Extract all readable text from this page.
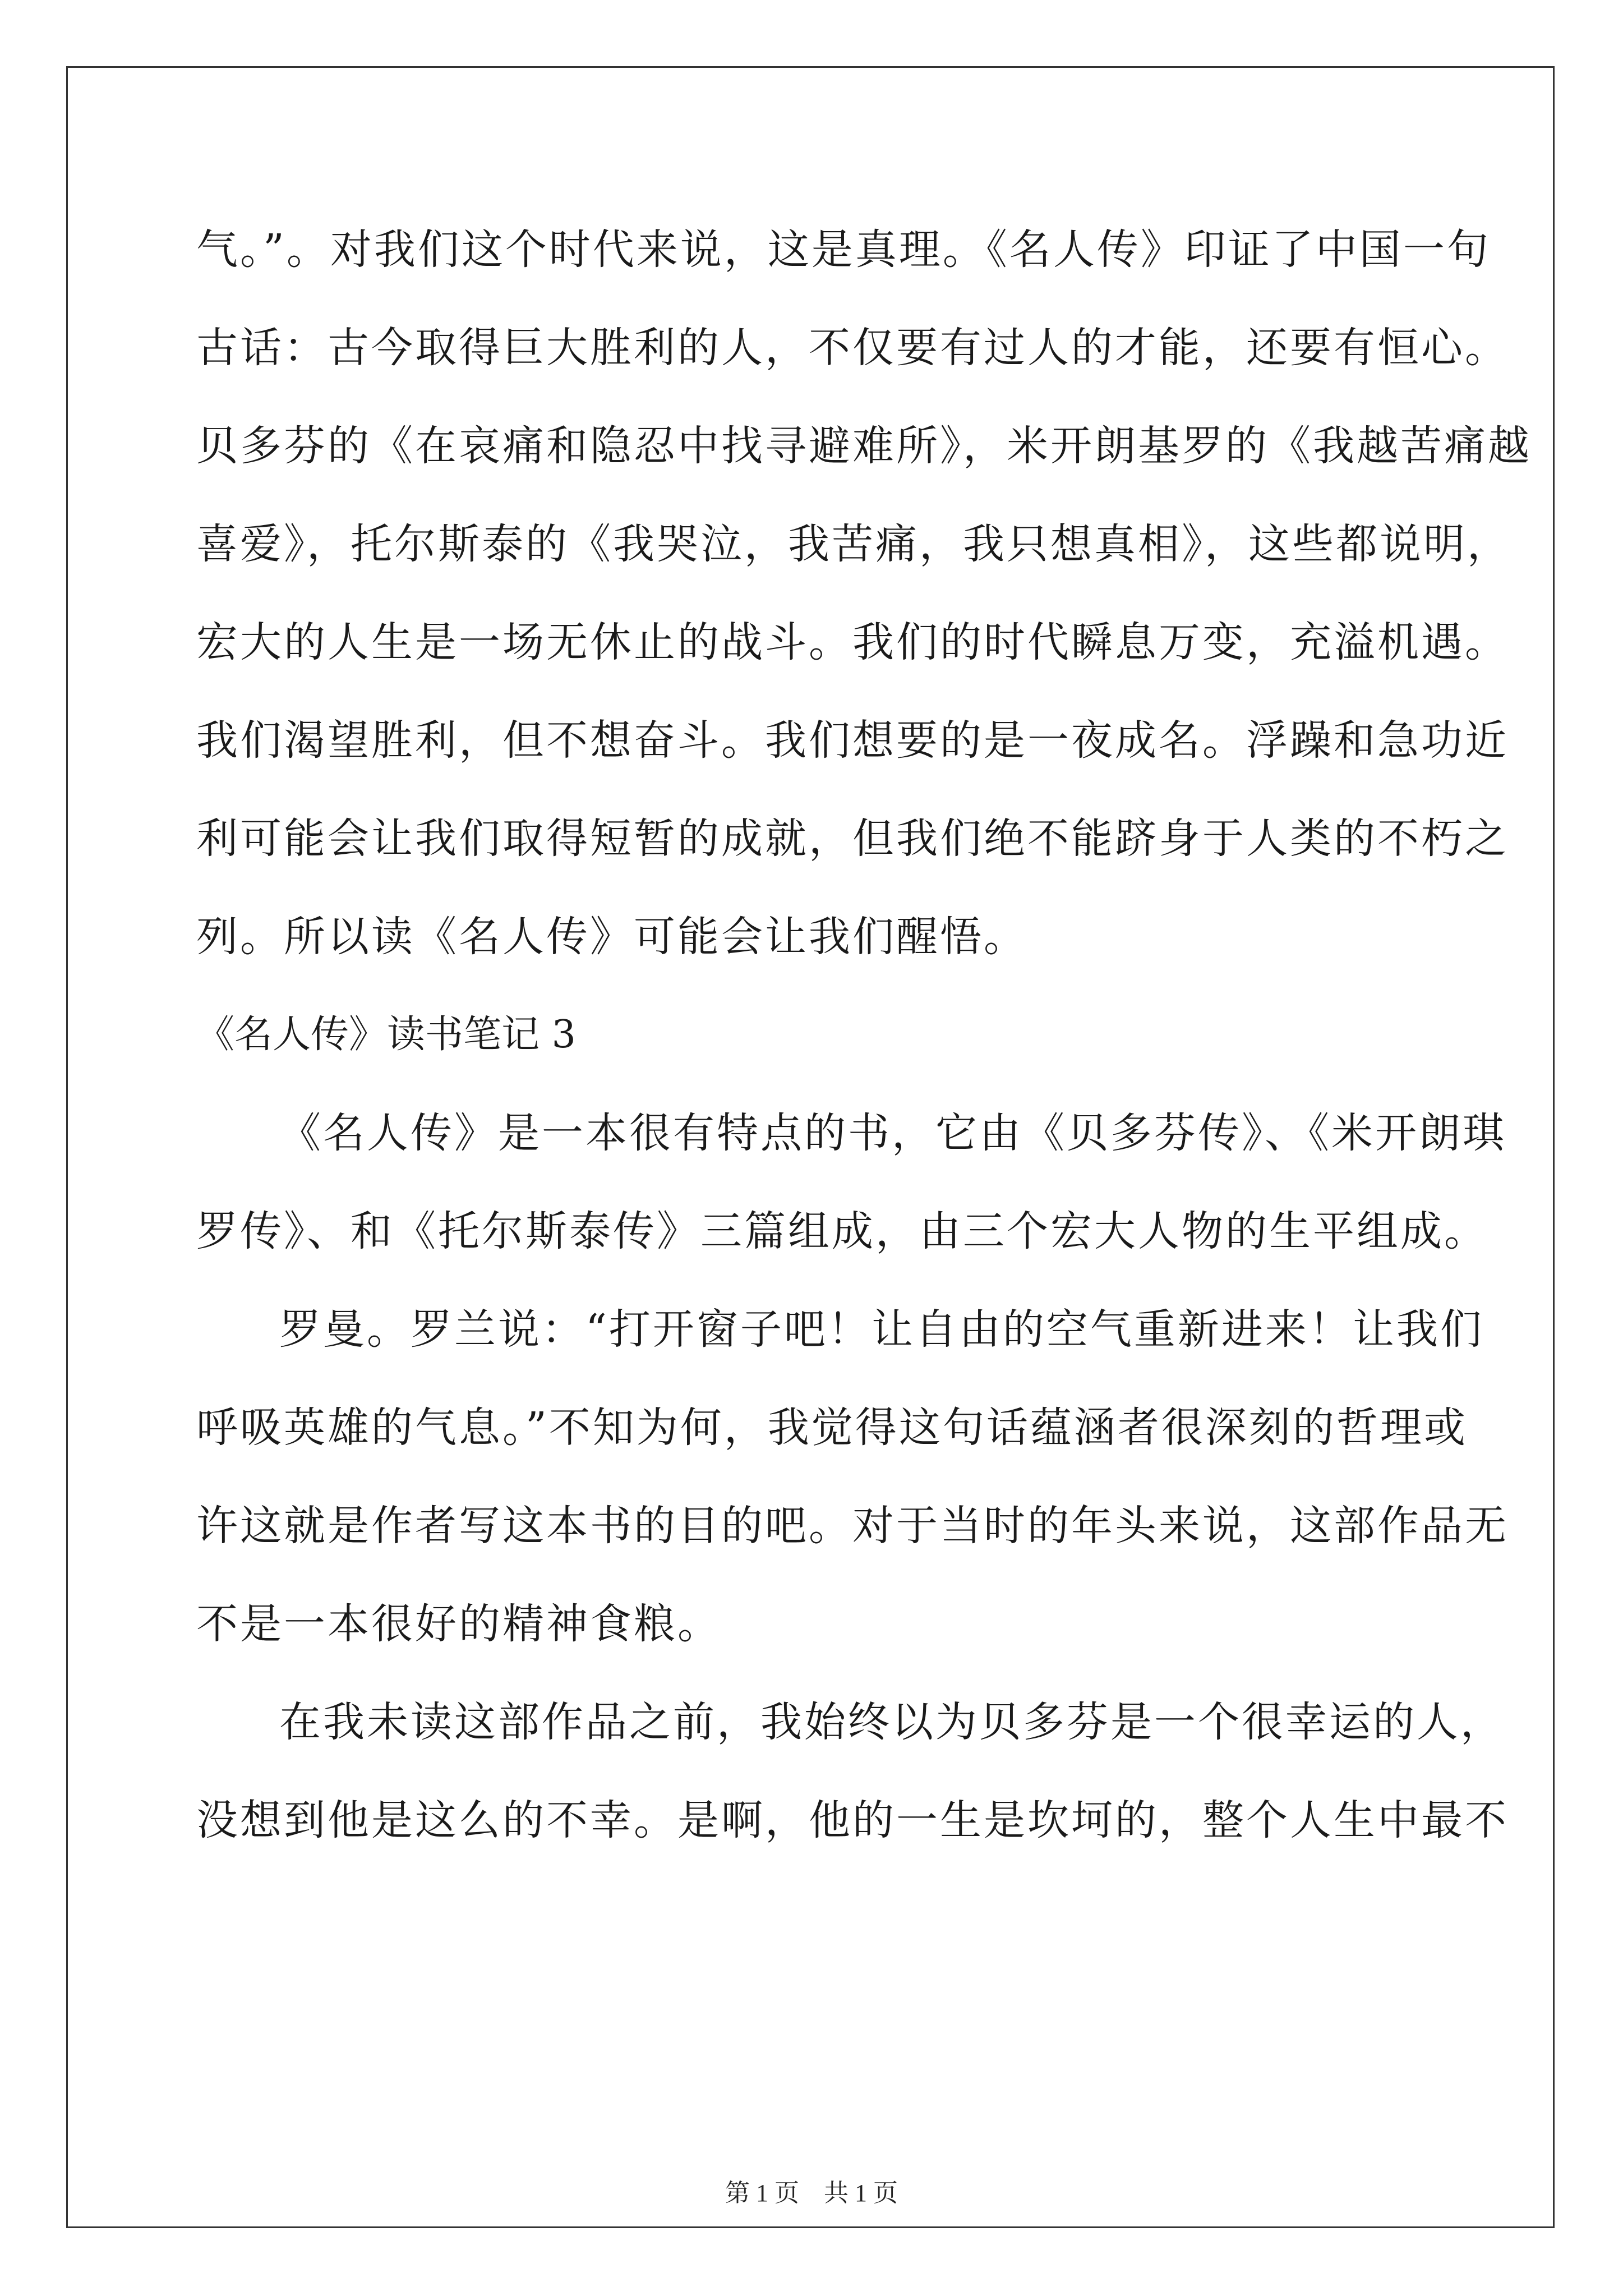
气。”。对我们这个时代来说，这是真理。《名人传》印证了中国一句
古话：古今取得巨大胜利的人，不仅要有过人的才能，还要有恒心。
贝多芬的《在哀痛和隐忍中找寻避难所》，米开朗基罗的《我越苦痛越
喜爱》，托尔斯泰的《我哭泣，我苦痛，我只想真相》，这些都说明，
宏大的人生是一场无休止的战斗。我们的时代瞬息万变，充溢机遇。
我们渴望胜利，但不想奋斗。我们想要的是一夜成名。浮躁和急功近
利可能会让我们取得短暂的成就，但我们绝不能跻身于人类的不朽之
列。所以读《名人传》可能会让我们醒悟。
《名人传》读书笔记 3
《名人传》是一本很有特点的书，它由《贝多芬传》、《米开朗琪
罗传》、和《托尔斯泰传》三篇组成，由三个宏大人物的生平组成。
罗曼。罗兰说：“打开窗子吧！让自由的空气重新进来！让我们
呼吸英雄的气息。”不知为何，我觉得这句话蕴涵者很深刻的哲理或
许这就是作者写这本书的目的吧。对于当时的年头来说，这部作品无
不是一本很好的精神食粮。
在我未读这部作品之前，我始终以为贝多芬是一个很幸运的人，
没想到他是这么的不幸。是啊，他的一生是坎坷的，整个人生中最不
第 1 页　共 1 页
